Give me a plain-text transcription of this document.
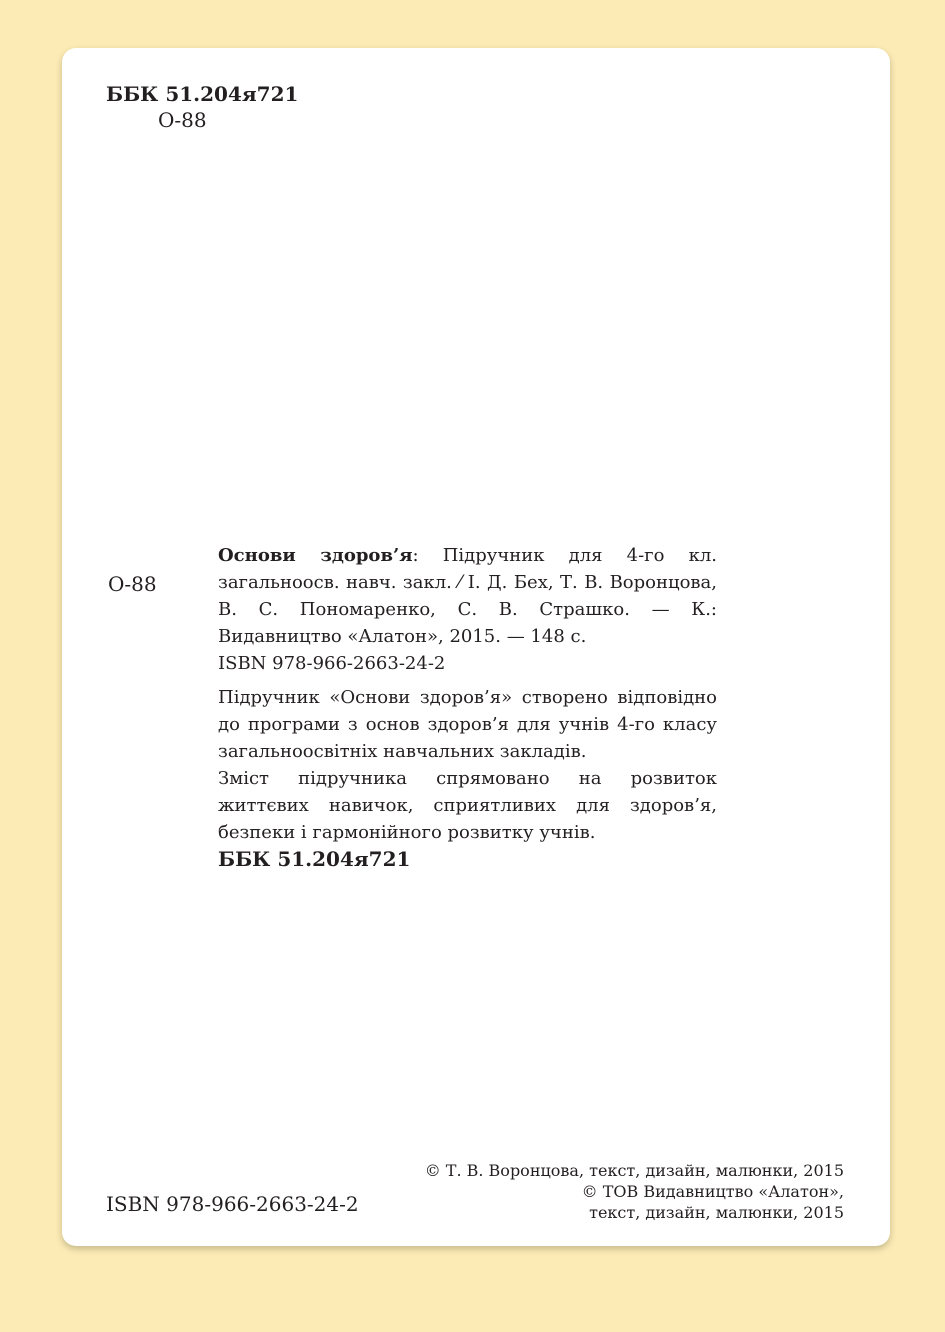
ББК 51.204я721
О-88
О-88

Основи здоров’я: Підручник для 4-го кл. загальноосв. навч. закл. ⁄ І. Д. Бех, Т. В. Воронцова, В. С. Пономаренко, С. В. Страшко. — К.: Видавництво «Алатон», 2015. — 148 с.

ISBN 978-966-2663-24-2

Підручник «Основи здоров’я» створено відповідно до програми з основ здоров’я для учнів 4-го класу загальноосвітніх навчальних закладів.

Зміст підручника спрямовано на розвиток життєвих навичок, сприятливих для здоров’я, безпеки і гармонійного розвитку учнів.

ББК 51.204я721

ISBN 978-966-2663-24-2
© Т. В. Воронцова, текст, дизайн, малюнки, 2015
© ТОВ Видавництво «Алатон»,
текст, дизайн, малюнки, 2015
